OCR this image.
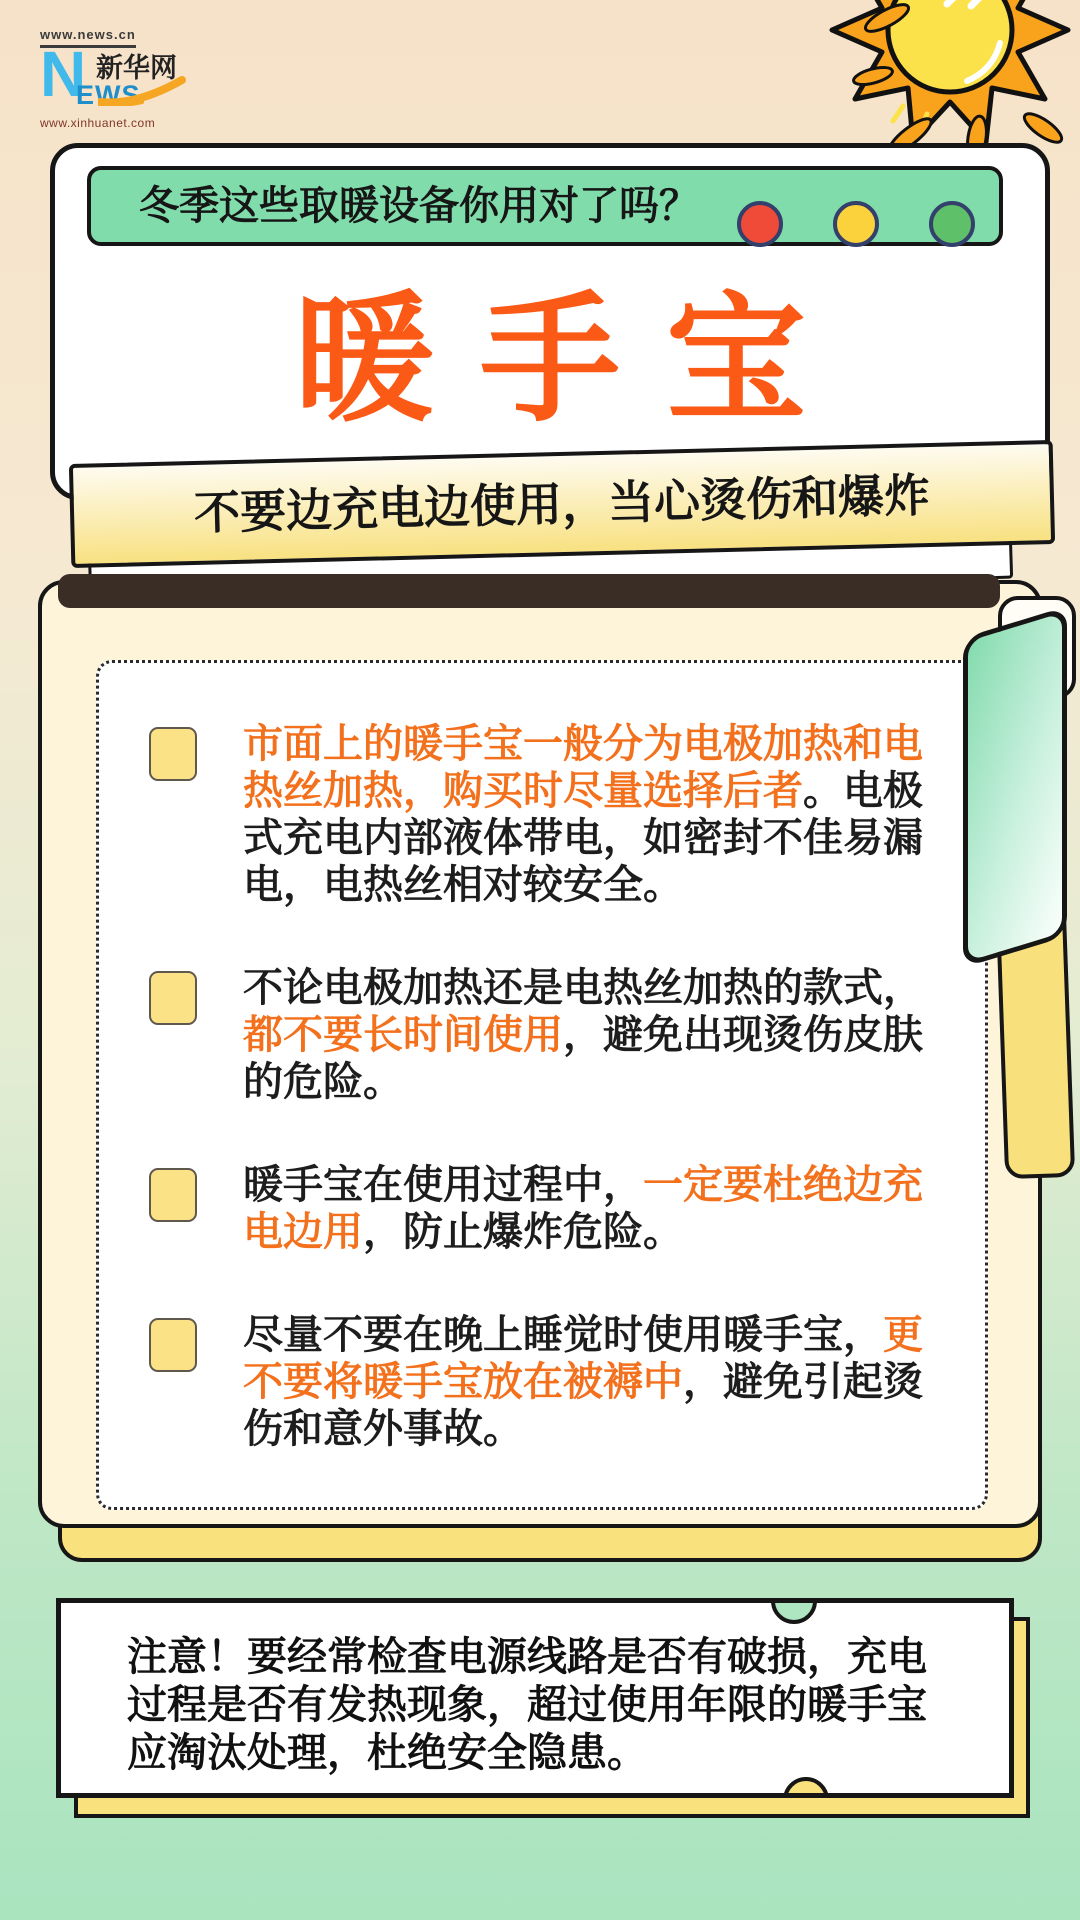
www.news.cn
N
EWS
新华网
www.xinhuanet.com
冬季这些取暖设备你用对了吗？
暖手宝
不要边充电边使用，当心烫伤和爆炸
市面上的暖手宝一般分为电极加热和电热丝加热，购买时尽量选择后者。电极式充电内部液体带电，如密封不佳易漏电，电热丝相对较安全。
不论电极加热还是电热丝加热的款式，都不要长时间使用，避免出现烫伤皮肤的危险。
暖手宝在使用过程中，一定要杜绝边充电边用，防止爆炸危险。
尽量不要在晚上睡觉时使用暖手宝，更不要将暖手宝放在被褥中，避免引起烫伤和意外事故。
注意！要经常检查电源线路是否有破损，充电过程是否有发热现象，超过使用年限的暖手宝应淘汰处理，杜绝安全隐患。
